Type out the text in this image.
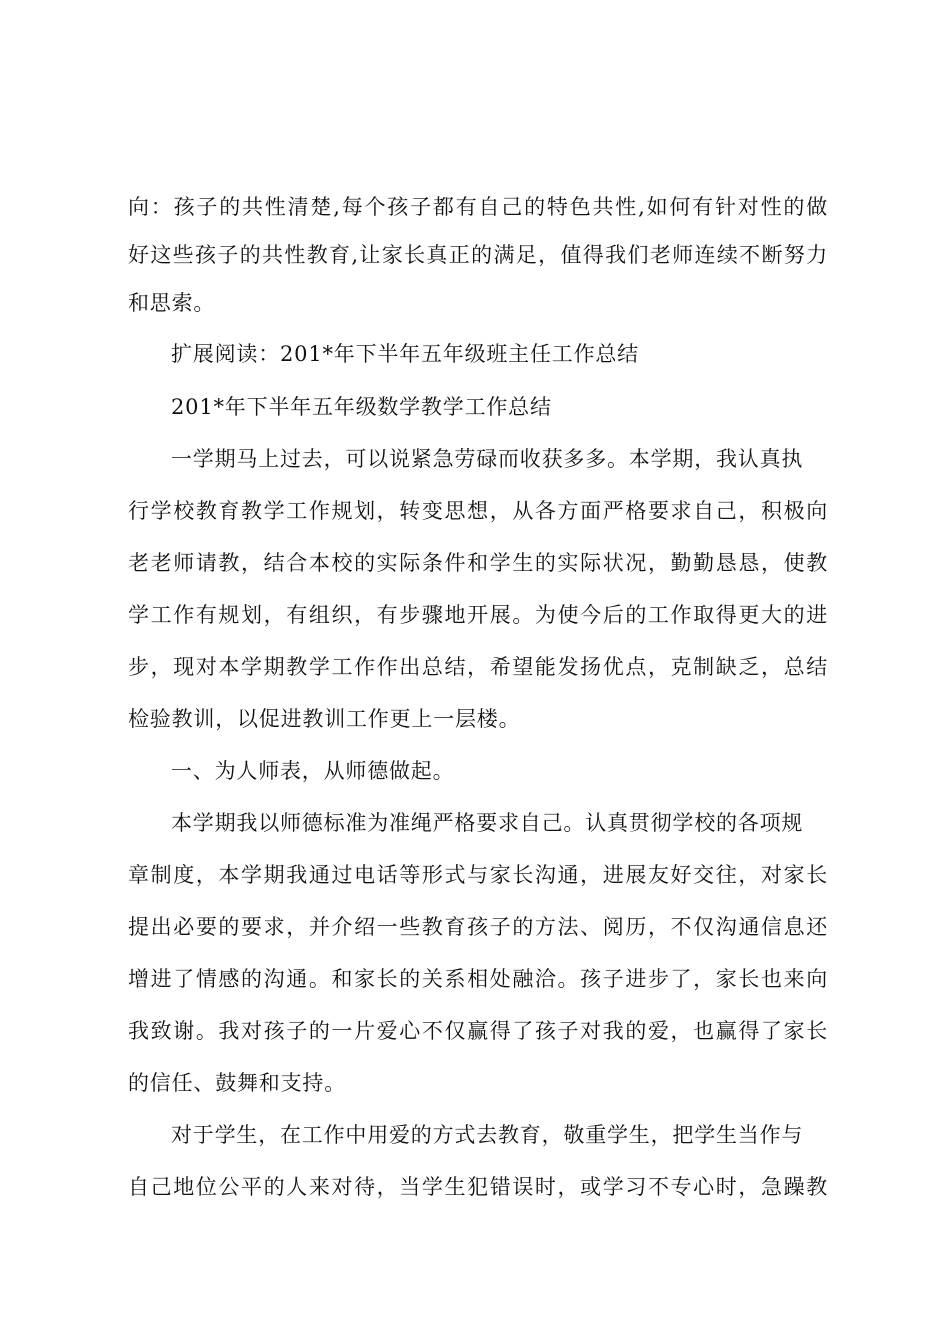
向：孩子的共性清楚,每个孩子都有自己的特色共性,如何有针对性的做
好这些孩子的共性教育,让家长真正的满足，值得我们老师连续不断努力
和思索。
扩展阅读：201*年下半年五年级班主任工作总结
201*年下半年五年级数学教学工作总结
一学期马上过去，可以说紧急劳碌而收获多多。本学期，我认真执
行学校教育教学工作规划，转变思想，从各方面严格要求自己，积极向
老老师请教，结合本校的实际条件和学生的实际状况，勤勤恳恳，使教
学工作有规划，有组织，有步骤地开展。为使今后的工作取得更大的进
步，现对本学期教学工作作出总结，希望能发扬优点，克制缺乏，总结
检验教训，以促进教训工作更上一层楼。
一、为人师表，从师德做起。
本学期我以师德标准为准绳严格要求自己。认真贯彻学校的各项规
章制度，本学期我通过电话等形式与家长沟通，进展友好交往，对家长
提出必要的要求，并介绍一些教育孩子的方法、阅历，不仅沟通信息还
增进了情感的沟通。和家长的关系相处融洽。孩子进步了，家长也来向
我致谢。我对孩子的一片爱心不仅赢得了孩子对我的爱，也赢得了家长
的信任、鼓舞和支持。
对于学生，在工作中用爱的方式去教育，敬重学生，把学生当作与
自己地位公平的人来对待，当学生犯错误时，或学习不专心时，急躁教
